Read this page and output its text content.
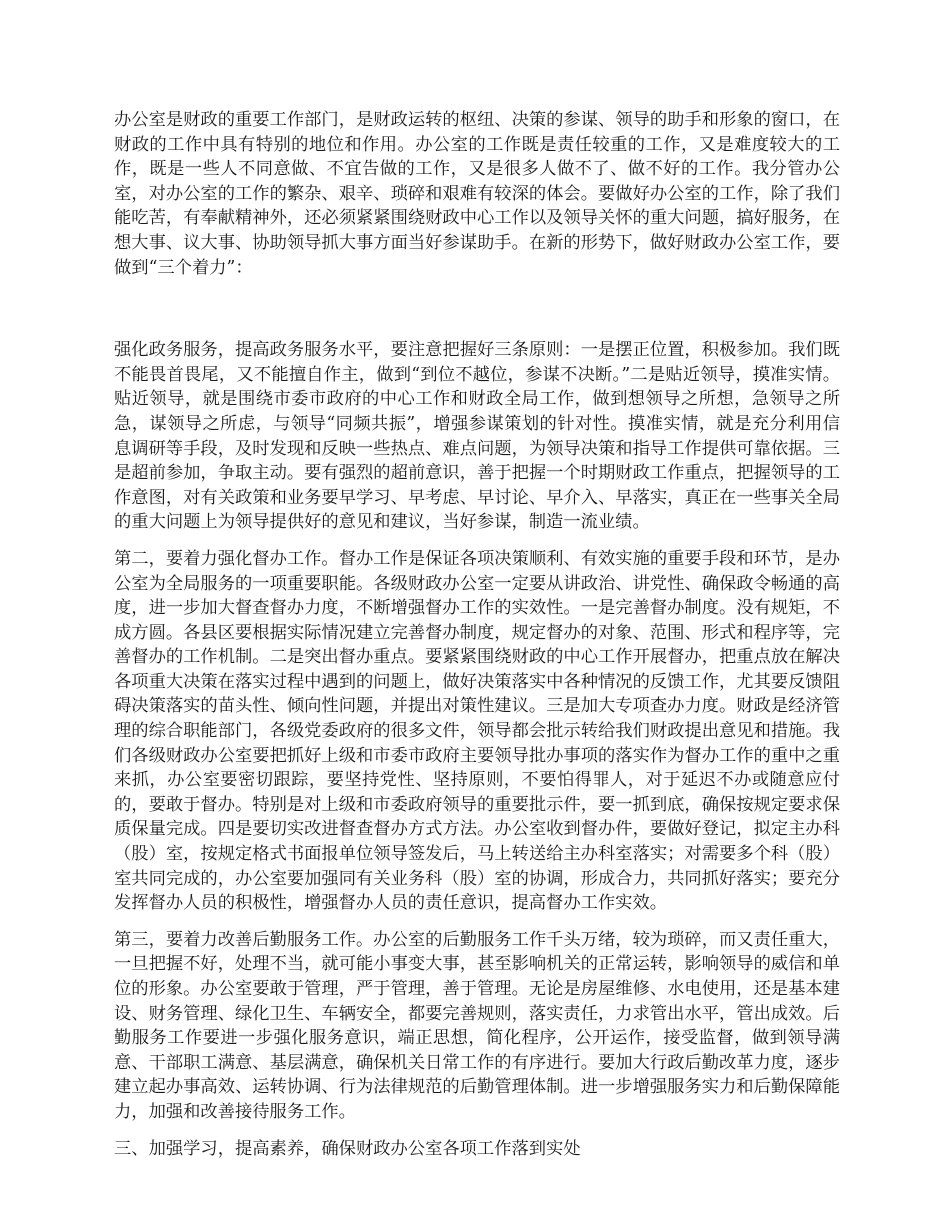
办公室是财政的重要工作部门，是财政运转的枢纽、决策的参谋、领导的助手和形象的窗口，在财政的工作中具有特别的地位和作用。办公室的工作既是责任较重的工作，又是难度较大的工作，既是一些人不同意做、不宜告做的工作，又是很多人做不了、做不好的工作。我分管办公室，对办公室的工作的繁杂、艰辛、琐碎和艰难有较深的体会。要做好办公室的工作，除了我们能吃苦，有奉献精神外，还必须紧紧围绕财政中心工作以及领导关怀的重大问题，搞好服务，在想大事、议大事、协助领导抓大事方面当好参谋助手。在新的形势下，做好财政办公室工作，要做到“三个着力”：

强化政务服务，提高政务服务水平，要注意把握好三条原则：一是摆正位置，积极参加。我们既不能畏首畏尾，又不能擅自作主，做到“到位不越位，参谋不决断。”二是贴近领导，摸准实情。贴近领导，就是围绕市委市政府的中心工作和财政全局工作，做到想领导之所想，急领导之所急，谋领导之所虑，与领导“同频共振”，增强参谋策划的针对性。摸准实情，就是充分利用信息调研等手段，及时发现和反映一些热点、难点问题，为领导决策和指导工作提供可靠依据。三是超前参加，争取主动。要有强烈的超前意识，善于把握一个时期财政工作重点，把握领导的工作意图，对有关政策和业务要早学习、早考虑、早讨论、早介入、早落实，真正在一些事关全局的重大问题上为领导提供好的意见和建议，当好参谋，制造一流业绩。

第二，要着力强化督办工作。督办工作是保证各项决策顺利、有效实施的重要手段和环节，是办公室为全局服务的一项重要职能。各级财政办公室一定要从讲政治、讲党性、确保政令畅通的高度，进一步加大督查督办力度，不断增强督办工作的实效性。一是完善督办制度。没有规矩，不成方圆。各县区要根据实际情况建立完善督办制度，规定督办的对象、范围、形式和程序等，完善督办的工作机制。二是突出督办重点。要紧紧围绕财政的中心工作开展督办，把重点放在解决各项重大决策在落实过程中遇到的问题上，做好决策落实中各种情况的反馈工作，尤其要反馈阻碍决策落实的苗头性、倾向性问题，并提出对策性建议。三是加大专项查办力度。财政是经济管理的综合职能部门，各级党委政府的很多文件，领导都会批示转给我们财政提出意见和措施。我们各级财政办公室要把抓好上级和市委市政府主要领导批办事项的落实作为督办工作的重中之重来抓，办公室要密切跟踪，要坚持党性、坚持原则，不要怕得罪人，对于延迟不办或随意应付的，要敢于督办。特别是对上级和市委政府领导的重要批示件，要一抓到底，确保按规定要求保质保量完成。四是要切实改进督查督办方式方法。办公室收到督办件，要做好登记，拟定主办科（股）室，按规定格式书面报单位领导签发后，马上转送给主办科室落实；对需要多个科（股）室共同完成的，办公室要加强同有关业务科（股）室的协调，形成合力，共同抓好落实；要充分发挥督办人员的积极性，增强督办人员的责任意识，提高督办工作实效。

第三，要着力改善后勤服务工作。办公室的后勤服务工作千头万绪，较为琐碎，而又责任重大，一旦把握不好，处理不当，就可能小事变大事，甚至影响机关的正常运转，影响领导的威信和单位的形象。办公室要敢于管理，严于管理，善于管理。无论是房屋维修、水电使用，还是基本建设、财务管理、绿化卫生、车辆安全，都要完善规则，落实责任，力求管出水平，管出成效。后勤服务工作要进一步强化服务意识，端正思想，简化程序，公开运作，接受监督，做到领导满意、干部职工满意、基层满意，确保机关日常工作的有序进行。要加大行政后勤改革力度，逐步建立起办事高效、运转协调、行为法律规范的后勤管理体制。进一步增强服务实力和后勤保障能力，加强和改善接待服务工作。

三、加强学习，提高素养，确保财政办公室各项工作落到实处
